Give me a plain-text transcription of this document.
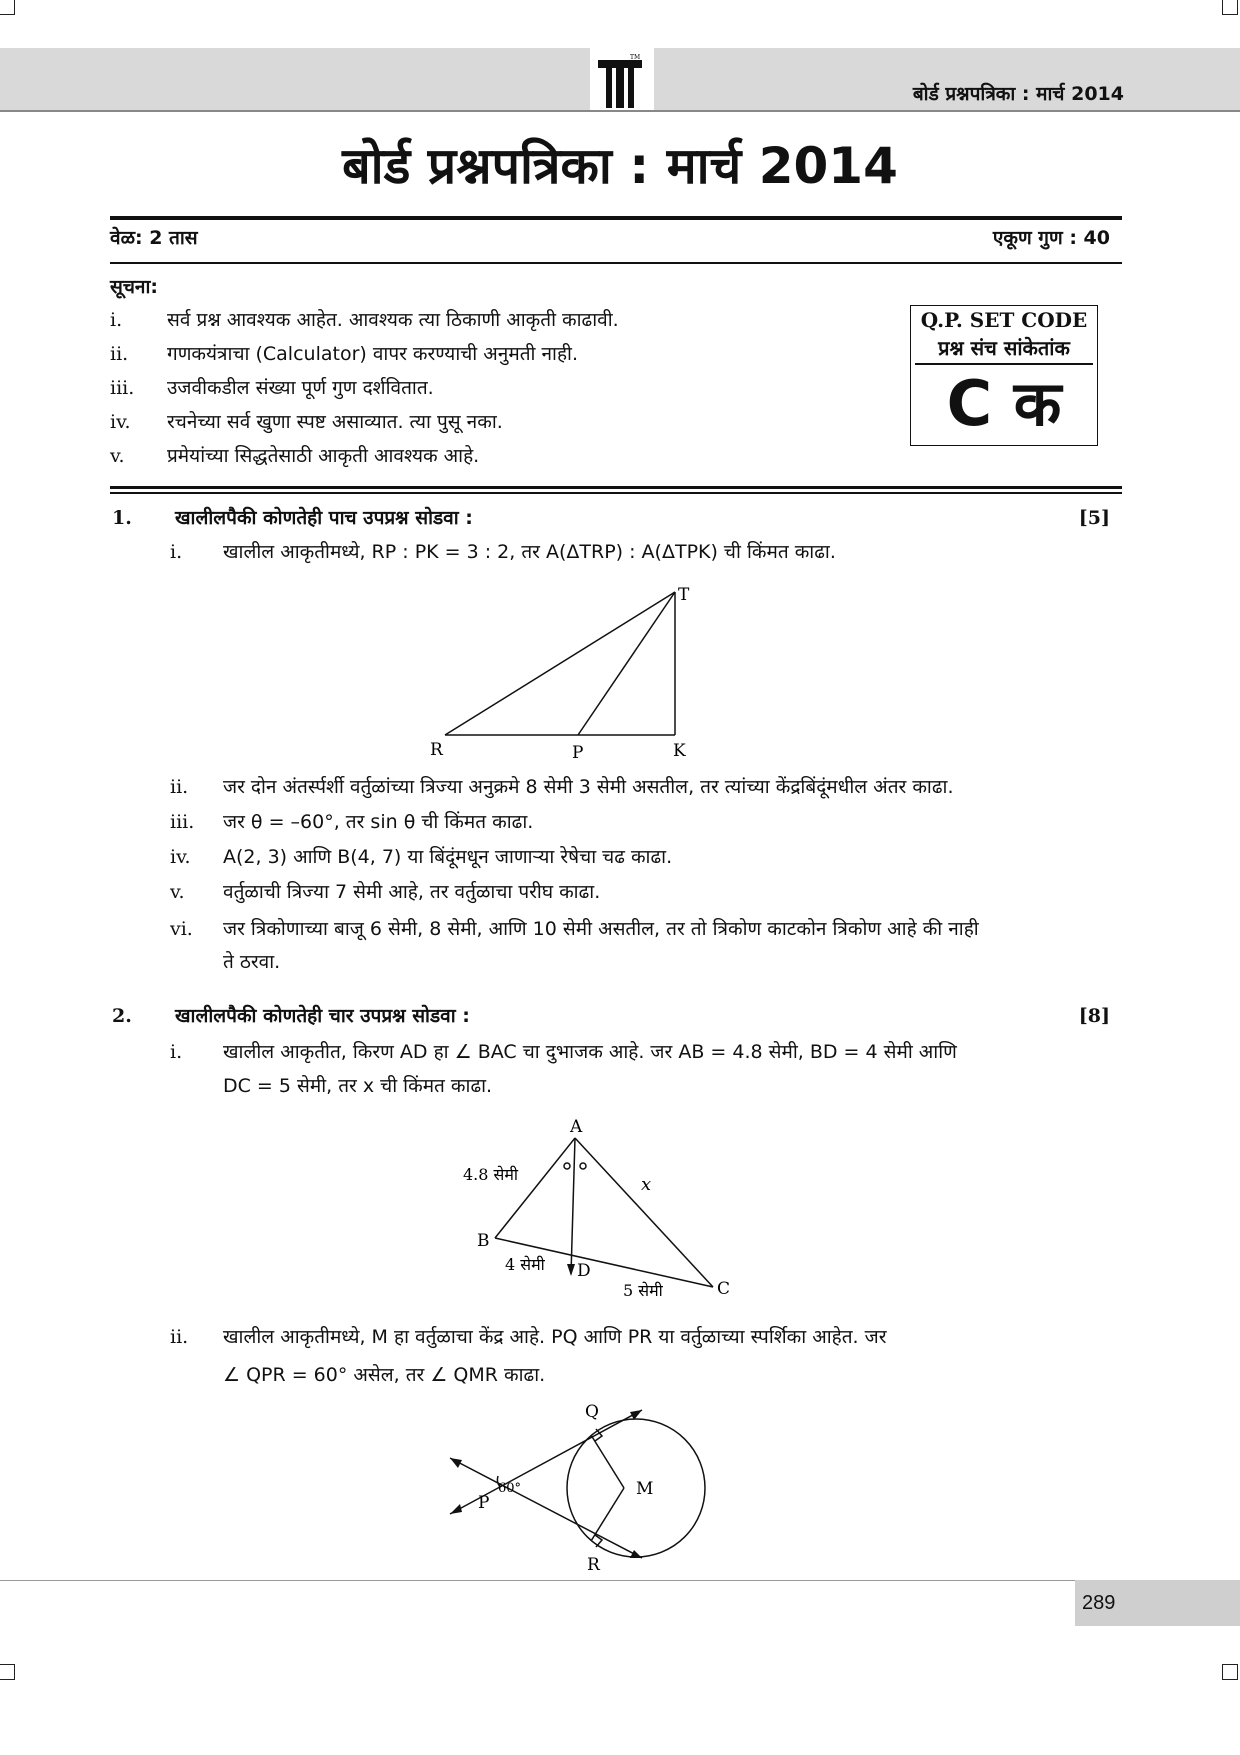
TM
बोर्ड प्रश्नपत्रिका : मार्च 2014
बोर्ड प्रश्नपत्रिका : मार्च 2014
वेळ: 2 तास	एकूण गुण : 40
सूचना:
i. सर्व प्रश्न आवश्यक आहेत. आवश्यक त्या ठिकाणी आकृती काढावी.
ii. गणकयंत्राचा (Calculator) वापर करण्याची अनुमती नाही.
iii. उजवीकडील संख्या पूर्ण गुण दर्शवितात.
iv. रचनेच्या सर्व खुणा स्पष्ट असाव्यात. त्या पुसू नका.
v. प्रमेयांच्या सिद्धतेसाठी आकृती आवश्यक आहे.
Q.P. SET CODE
प्रश्न संच सांकेतांक
C क
1. खालीलपैकी कोणतेही पाच उपप्रश्न सोडवा :	[5]
i. खालील आकृतीमध्ये, RP : PK = 3 : 2, तर A(ΔTRP) : A(ΔTPK) ची किंमत काढा.
T
R	P	K
ii. जर दोन अंतर्स्पर्शी वर्तुळांच्या त्रिज्या अनुक्रमे 8 सेमी 3 सेमी असतील, तर त्यांच्या केंद्रबिंदूंमधील अंतर काढा.
iii. जर θ = –60°, तर sin θ ची किंमत काढा.
iv. A(2, 3) आणि B(4, 7) या बिंदूंमधून जाणाऱ्या रेषेचा चढ काढा.
v. वर्तुळाची त्रिज्या 7 सेमी आहे, तर वर्तुळाचा परीघ काढा.
vi. जर त्रिकोणाच्या बाजू 6 सेमी, 8 सेमी, आणि 10 सेमी असतील, तर तो त्रिकोण काटकोन त्रिकोण आहे की नाही
ते ठरवा.
2. खालीलपैकी कोणतेही चार उपप्रश्न सोडवा :	[8]
i. खालील आकृतीत, किरण AD हा ∠ BAC चा दुभाजक आहे. जर AB = 4.8 सेमी, BD = 4 सेमी आणि
DC = 5 सेमी, तर x ची किंमत काढा.
A
B
C
D
4.8 सेमी	x
4 सेमी
5 सेमी
ii. खालील आकृतीमध्ये, M हा वर्तुळाचा केंद्र आहे. PQ आणि PR या वर्तुळाच्या स्पर्शिका आहेत. जर
∠ QPR = 60° असेल, तर ∠ QMR काढा.
Q
R
P
M
60°
289
